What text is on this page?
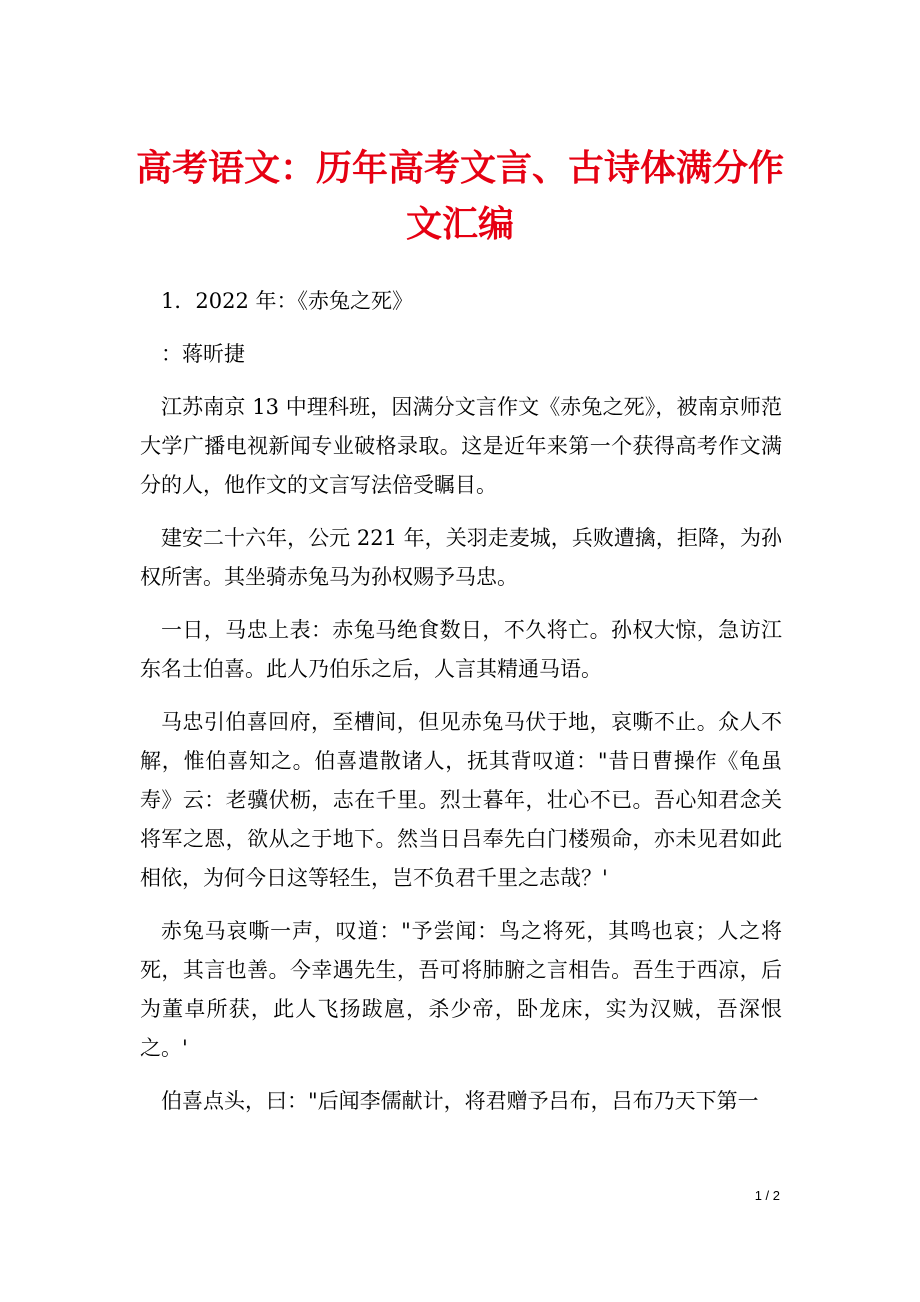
高考语文：历年高考文言、古诗体满分作文汇编

1．2022 年：《赤兔之死》

：蒋昕捷

江苏南京 13 中理科班，因满分文言作文《赤兔之死》，被南京师范大学广播电视新闻专业破格录取。这是近年来第一个获得高考作文满分的人，他作文的文言写法倍受瞩目。

建安二十六年，公元 221 年，关羽走麦城，兵败遭擒，拒降，为孙权所害。其坐骑赤兔马为孙权赐予马忠。

一日，马忠上表：赤兔马绝食数日，不久将亡。孙权大惊，急访江东名士伯喜。此人乃伯乐之后，人言其精通马语。

马忠引伯喜回府，至槽间，但见赤兔马伏于地，哀嘶不止。众人不解，惟伯喜知之。伯喜遣散诸人，抚其背叹道："昔日曹操作《龟虽寿》云：老骥伏枥，志在千里。烈士暮年，壮心不已。吾心知君念关将军之恩，欲从之于地下。然当日吕奉先白门楼殒命，亦未见君如此相依，为何今日这等轻生，岂不负君千里之志哉？'

赤兔马哀嘶一声，叹道："予尝闻：鸟之将死，其鸣也哀；人之将死，其言也善。今幸遇先生，吾可将肺腑之言相告。吾生于西凉，后为董卓所获，此人飞扬跋扈，杀少帝，卧龙床，实为汉贼，吾深恨之。'

伯喜点头，曰："后闻李儒献计，将君赠予吕布，吕布乃天下第一

1 / 2
